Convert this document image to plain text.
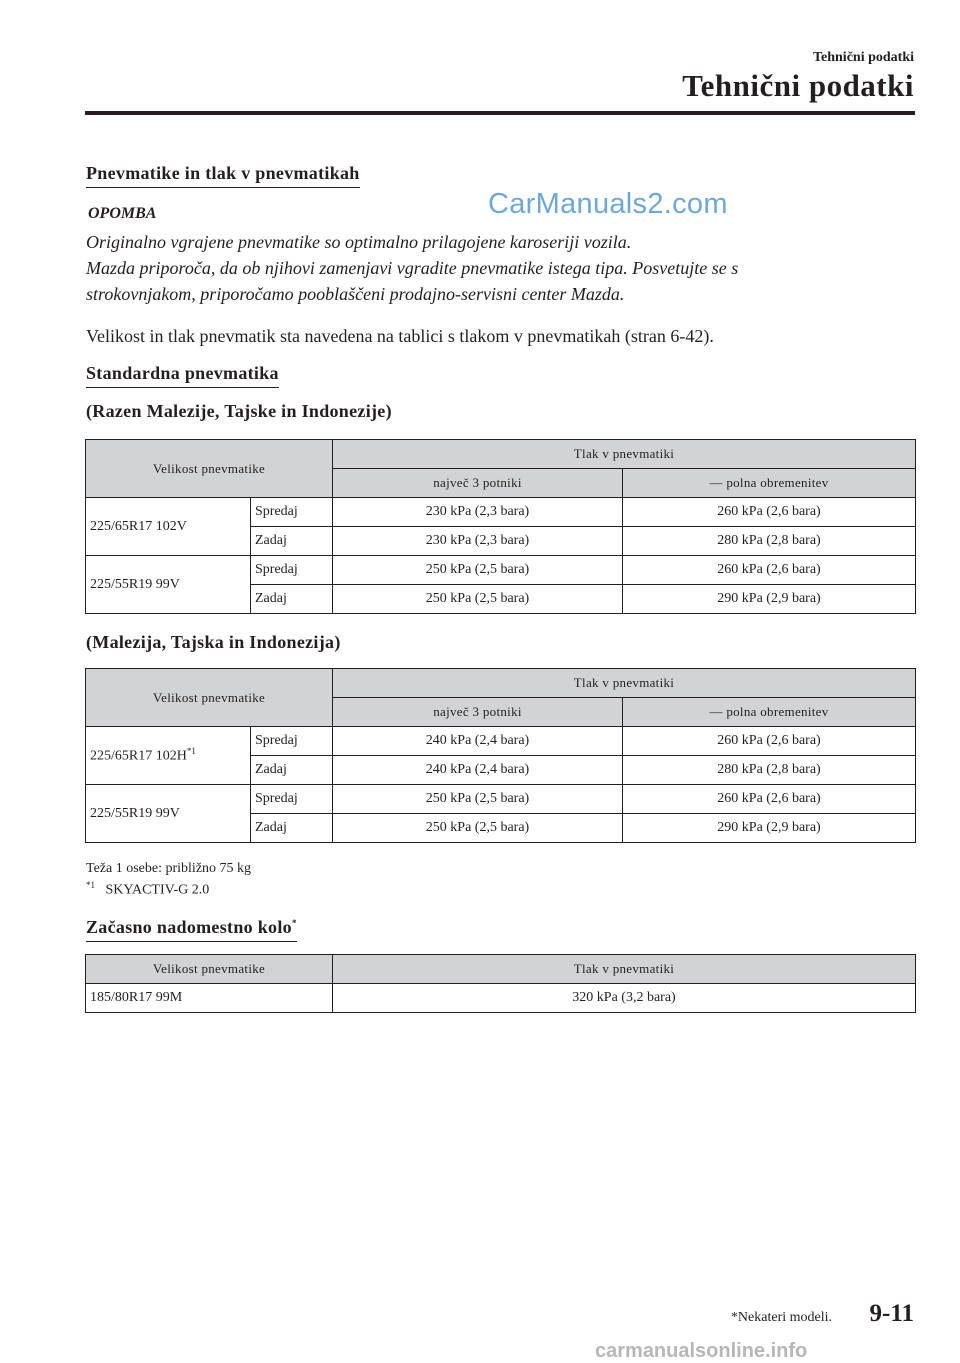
Tehnični podatki
Tehnični podatki
Pnevmatike in tlak v pnevmatikah
OPOMBA	CarManuals2.com
Originalno vgrajene pnevmatike so optimalno prilagojene karoseriji vozila.
Mazda priporoča, da ob njihovi zamenjavi vgradite pnevmatike istega tipa. Posvetujte se s
strokovnjakom, priporočamo pooblaščeni prodajno-servisni center Mazda.
Velikost in tlak pnevmatik sta navedena na tablici s tlakom v pnevmatikah (stran 6-42).
Standardna pnevmatika
(Razen Malezije, Tajske in Indonezije)
Velikost pnevmatike		Tlak v pnevmatiki	
		največ 3 potniki	— polna obremenitev
225/65R17 102V	Spredaj	230 kPa (2,3 bara)	260 kPa (2,6 bara)
	Zadaj	230 kPa (2,3 bara)	280 kPa (2,8 bara)
225/55R19 99V	Spredaj	250 kPa (2,5 bara)	260 kPa (2,6 bara)
	Zadaj	250 kPa (2,5 bara)	290 kPa (2,9 bara)
(Malezija, Tajska in Indonezija)
Velikost pnevmatike		Tlak v pnevmatiki	
		največ 3 potniki	— polna obremenitev
225/65R17 $102H^{*1}$	Spredaj	240 kPa (2,4 bara)	260 kPa (2,6 bara)
	Zadaj	240 kPa (2,4 bara)	280 kPa (2,8 bara)
225/55R19 99V	Spredaj	250 kPa (2,5 bara)	260 kPa (2,6 bara)
	Zadaj	250 kPa (2,5 bara)	290 kPa (2,9 bara)
Teža 1 osebe: približno 75 kg
$^{*1}$ SKYACTIV-G 2.0
Začasno nadomestno kolo*
Velikost pnevmatike	Tlak v pnevmatiki
185/80R17 99M	320 kPa (3,2 bara)
*Nekateri modeli. 9-11
carmanualsonline.info
